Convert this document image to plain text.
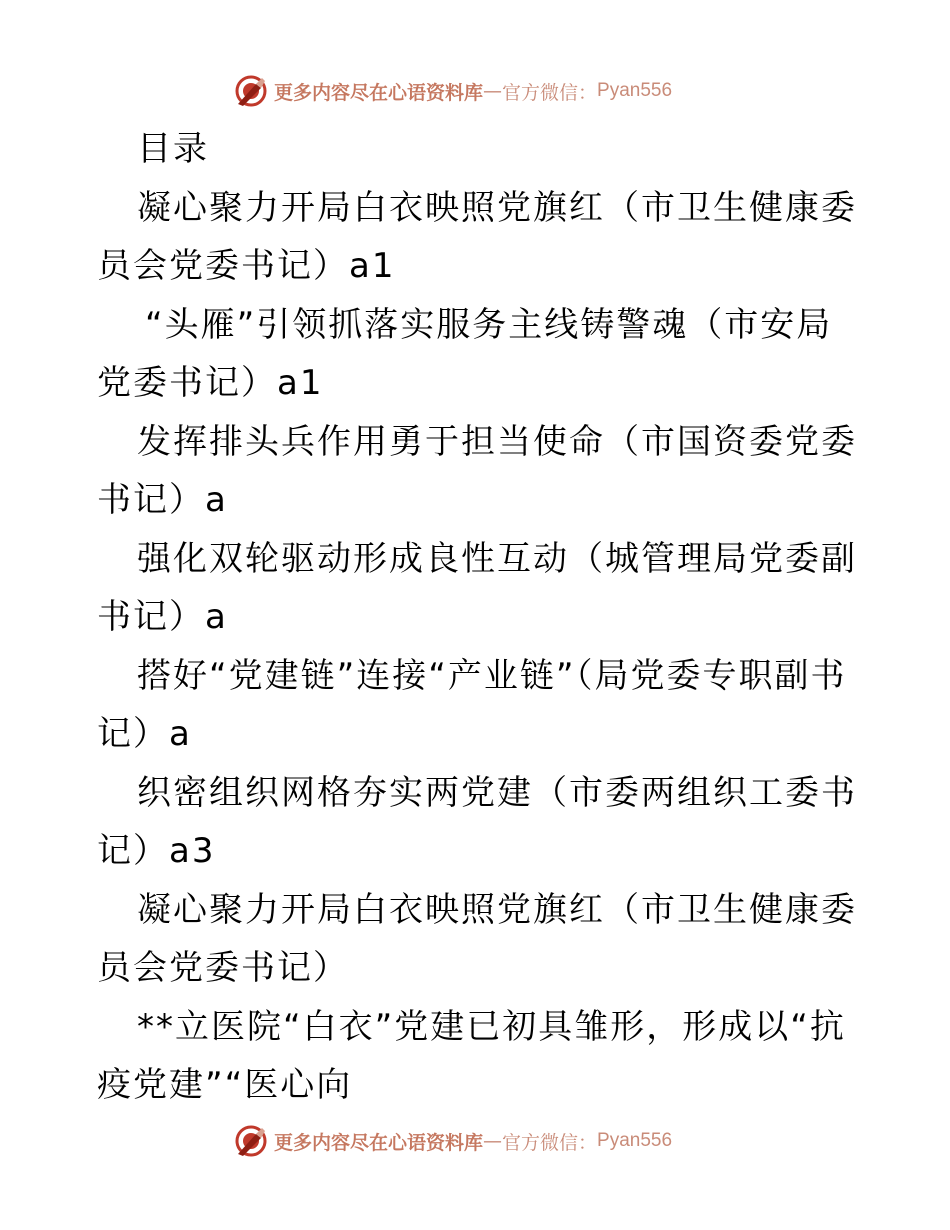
更多内容尽在心语资料库 — 官方微信： Pyan556

目录

凝心聚力开局白衣映照党旗红（市卫生健康委员会党委书记）a1

“头雁”引领抓落实服务主线铸警魂（市安局党委书记）a1

发挥排头兵作用勇于担当使命（市国资委党委书记）a

强化双轮驱动形成良性互动（城管理局党委副书记）a

搭好“党建链”连接“产业链”（局党委专职副书记）a

织密组织网格夯实两党建（市委两组织工委书记）a3

凝心聚力开局白衣映照党旗红（市卫生健康委员会党委书记）

**立医院“白衣”党建已初具雏形，形成以“抗疫党建”“医心向

更多内容尽在心语资料库 — 官方微信： Pyan556
